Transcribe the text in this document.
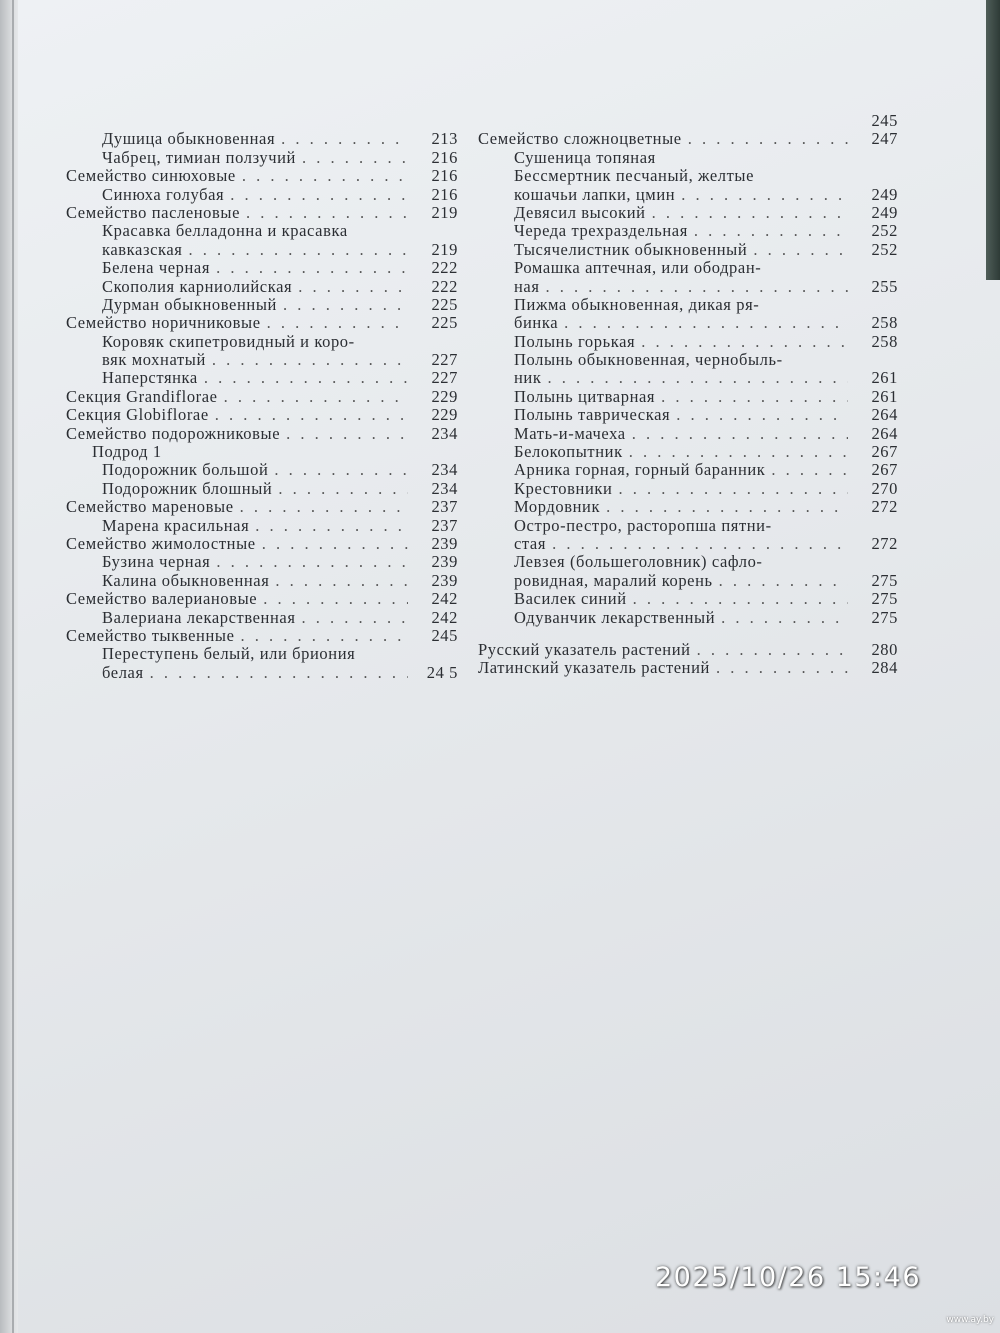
Душица обыкновенная . . .	213
Чабрец, тимиан ползучий . . .	216
Семейство синюховые . . .	216
Синюха голубая . . .	216
Семейство пасленовые . . .	219
Красавка белладонна и красавка
кавказская . . .	219
Белена черная . . .	222
Скополия карниолийская . . .	222
Дурман обыкновенный . . .	225
Семейство норичниковые . . .	225
Коровяк скипетровидный и коро-
вяк мохнатый . . .	227
Наперстянка . . .	227
Секция Grandiflorae . . .	229
Секция Globiflorae . . .	229
Семейство подорожниковые . . .	234
Подрод 1
Подорожник большой . . .	234
Подорожник блошный . . .	234
Семейство мареновые . . .	237
Марена красильная . . .	237
Семейство жимолостные . . .	239
Бузина черная . . .	239
Калина обыкновенная . . .	239
Семейство валериановые . . .	242
Валериана лекарственная . . .	242
Семейство тыквенные . . .	245
Переступень белый, или бриония
белая . . .	24 5
245
Семейство сложноцветные . . .	247
Сушеница топяная
Бессмертник песчаный, желтые
кошачьи лапки, цмин . . .	249
Девясил высокий . . .	249
Череда трехраздельная . . .	252
Тысячелистник обыкновенный . . .	252
Ромашка аптечная, или ободран-
ная . . .	255
Пижма обыкновенная, дикая ря-
бинка . . .	258
Полынь горькая . . .	258
Полынь обыкновенная, чернобыль-
ник . . .	261
Полынь цитварная . . .	261
Полынь таврическая . . .	264
Мать-и-мачеха . . .	264
Белокопытник . . .	267
Арника горная, горный баранник . . .	267
Крестовники . . .	270
Мордовник . . .	272
Остро-пестро, расторопша пятни-
стая . . .	272
Левзея (большеголовник) сафло-
ровидная, маралий корень . . .	275
Василек синий . . .	275
Одуванчик лекарственный . . .	275
Русский указатель растений . . .	280
Латинский указатель растений . . .	284
2025/10/26 15:46
www.ay.by
